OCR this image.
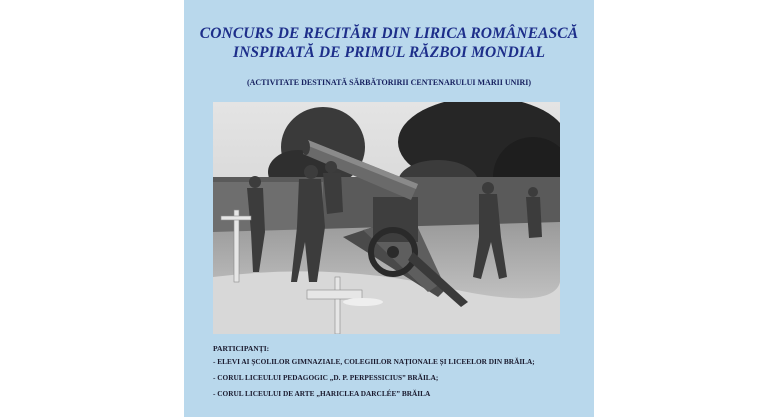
CONCURS DE RECITĂRI DIN LIRICA ROMÂNEASCĂ
INSPIRATĂ DE PRIMUL RĂZBOI MONDIAL
(ACTIVITATE DESTINATĂ SĂRBĂTORIRII CENTENARULUI MARII UNIRI)
PARTICIPANȚI:
- ELEVI AI ȘCOLILOR GIMNAZIALE, COLEGIILOR NAȚIONALE ȘI LICEELOR DIN BRĂILA;
- CORUL LICEULUI PEDAGOGIC „D. P. PERPESSICIUS” BRĂILA;
- CORUL LICEULUI DE ARTE „HARICLEA DARCLÉE” BRĂILA
